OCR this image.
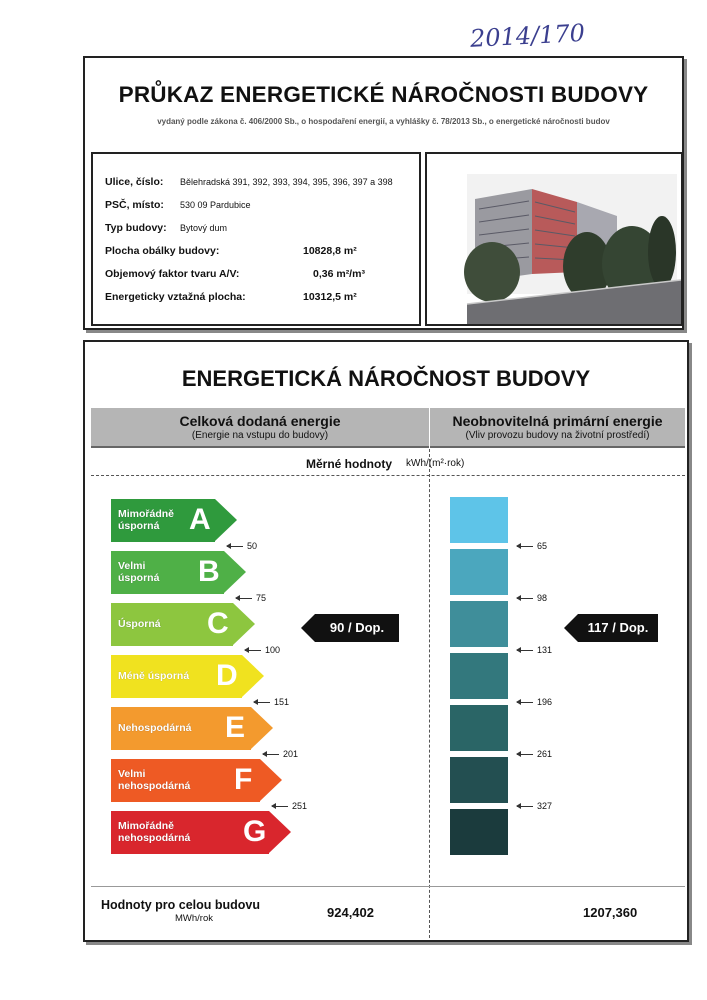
2014/170
PRŮKAZ ENERGETICKÉ NÁROČNOSTI BUDOVY
vydaný podle zákona č. 406/2000 Sb., o hospodaření energií, a vyhlášky č. 78/2013 Sb., o energetické náročnosti budov
Ulice, číslo: Bělehradská 391, 392, 393, 394, 395, 396, 397 a 398
PSČ, místo: 530 09 Pardubice
Typ budovy: Bytový dum
Plocha obálky budovy:	10828,8 m²
Objemový faktor tvaru A/V:	0,36 m²/m³
Energeticky vztažná plocha:	10312,5 m²
ENERGETICKÁ NÁROČNOST BUDOVY
Celková dodaná energie
(Energie na vstupu do budovy)
Neobnovitelná primární energie
(Vliv provozu budovy na životní prostředí)
Měrné hodnoty kWh/(m²·rok)
Mimořádně
úsporná A
Velmi
úsporná B
Úsporná C
Méně úsporná D
Nehospodárná E
Velmi
nehospodárná F
Mimořádně
nehospodárná G
50
75
100
151
201
251
65
98
131
196
261
327
90 / Dop.	117 / Dop.
Hodnoty pro celou budovu
MWh/rok	924,402	1207,360
